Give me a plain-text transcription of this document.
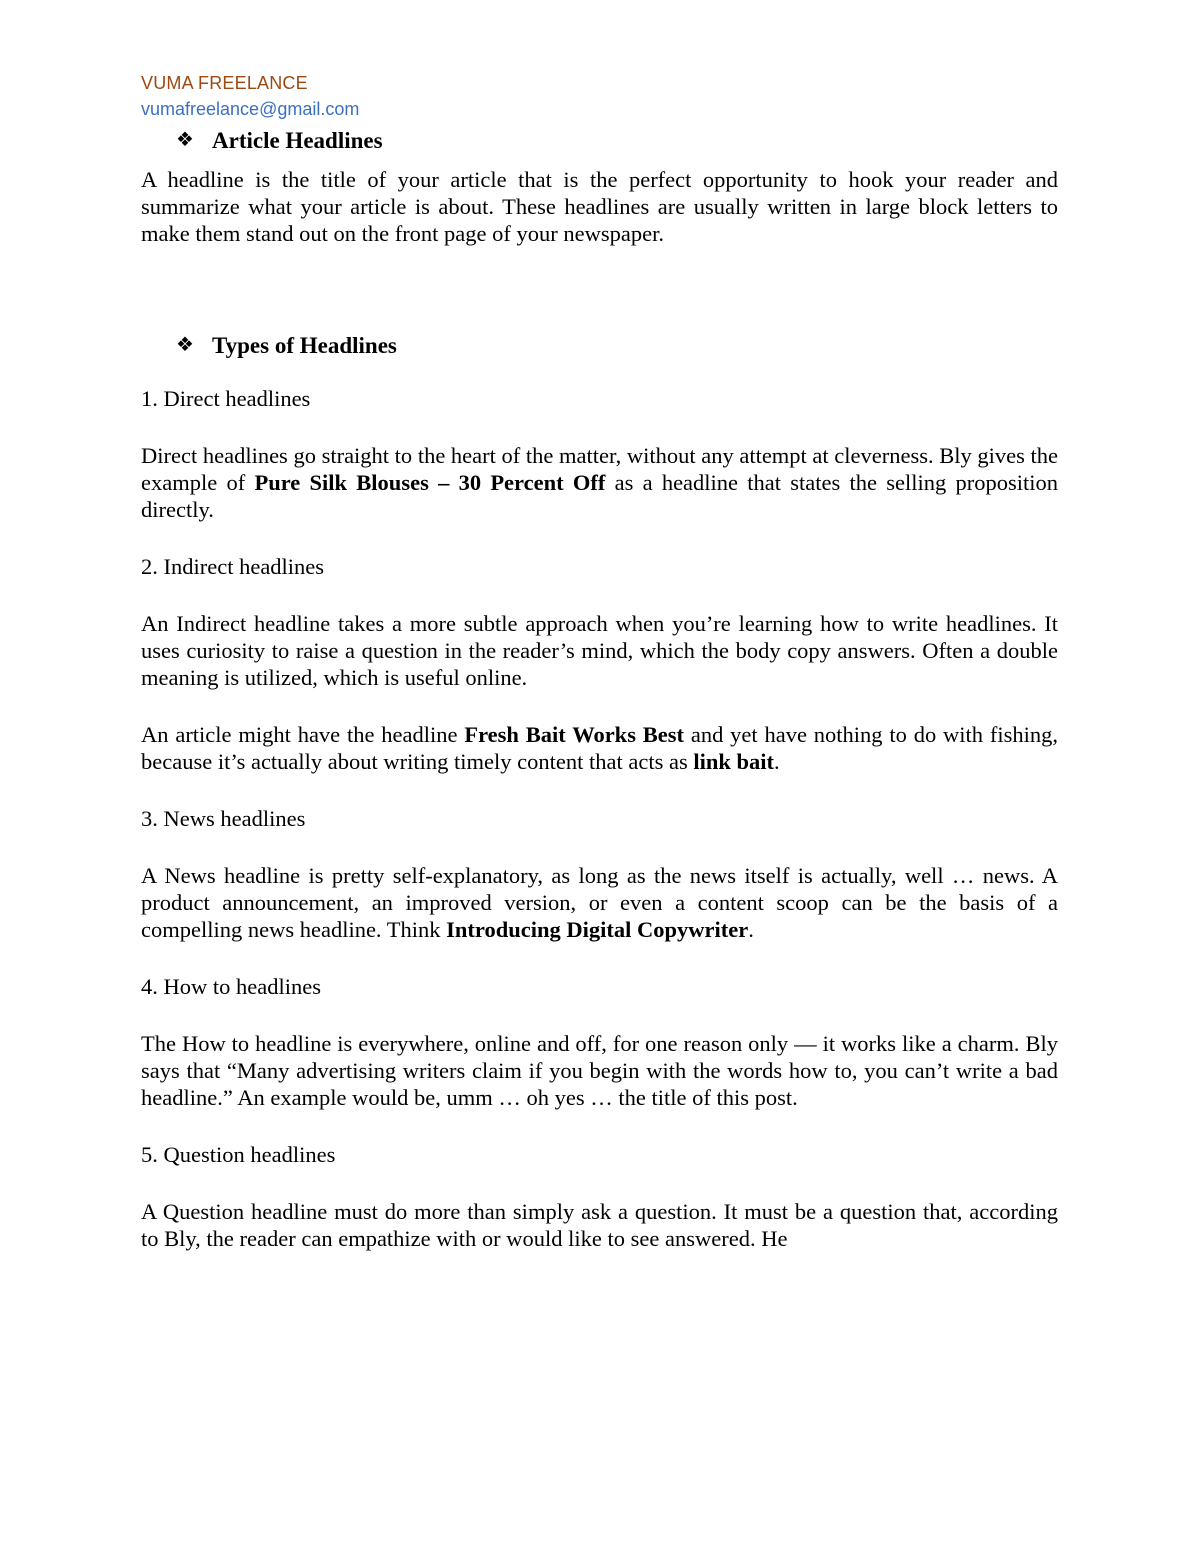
VUMA FREELANCE
vumafreelance@gmail.com
❖ Article Headlines

A headline is the title of your article that is the perfect opportunity to hook your reader and summarize what your article is about. These headlines are usually written in large block letters to make them stand out on the front page of your newspaper.

❖ Types of Headlines

1. Direct headlines

Direct headlines go straight to the heart of the matter, without any attempt at cleverness. Bly gives the example of Pure Silk Blouses – 30 Percent Off as a headline that states the selling proposition directly.

2. Indirect headlines

An Indirect headline takes a more subtle approach when you’re learning how to write headlines. It uses curiosity to raise a question in the reader’s mind, which the body copy answers. Often a double meaning is utilized, which is useful online.

An article might have the headline Fresh Bait Works Best and yet have nothing to do with fishing, because it’s actually about writing timely content that acts as link bait.

3. News headlines

A News headline is pretty self-explanatory, as long as the news itself is actually, well … news. A product announcement, an improved version, or even a content scoop can be the basis of a compelling news headline. Think Introducing Digital Copywriter.

4. How to headlines

The How to headline is everywhere, online and off, for one reason only — it works like a charm. Bly says that “Many advertising writers claim if you begin with the words how to, you can’t write a bad headline.” An example would be, umm … oh yes … the title of this post.

5. Question headlines

A Question headline must do more than simply ask a question. It must be a question that, according to Bly, the reader can empathize with or would like to see answered. He
